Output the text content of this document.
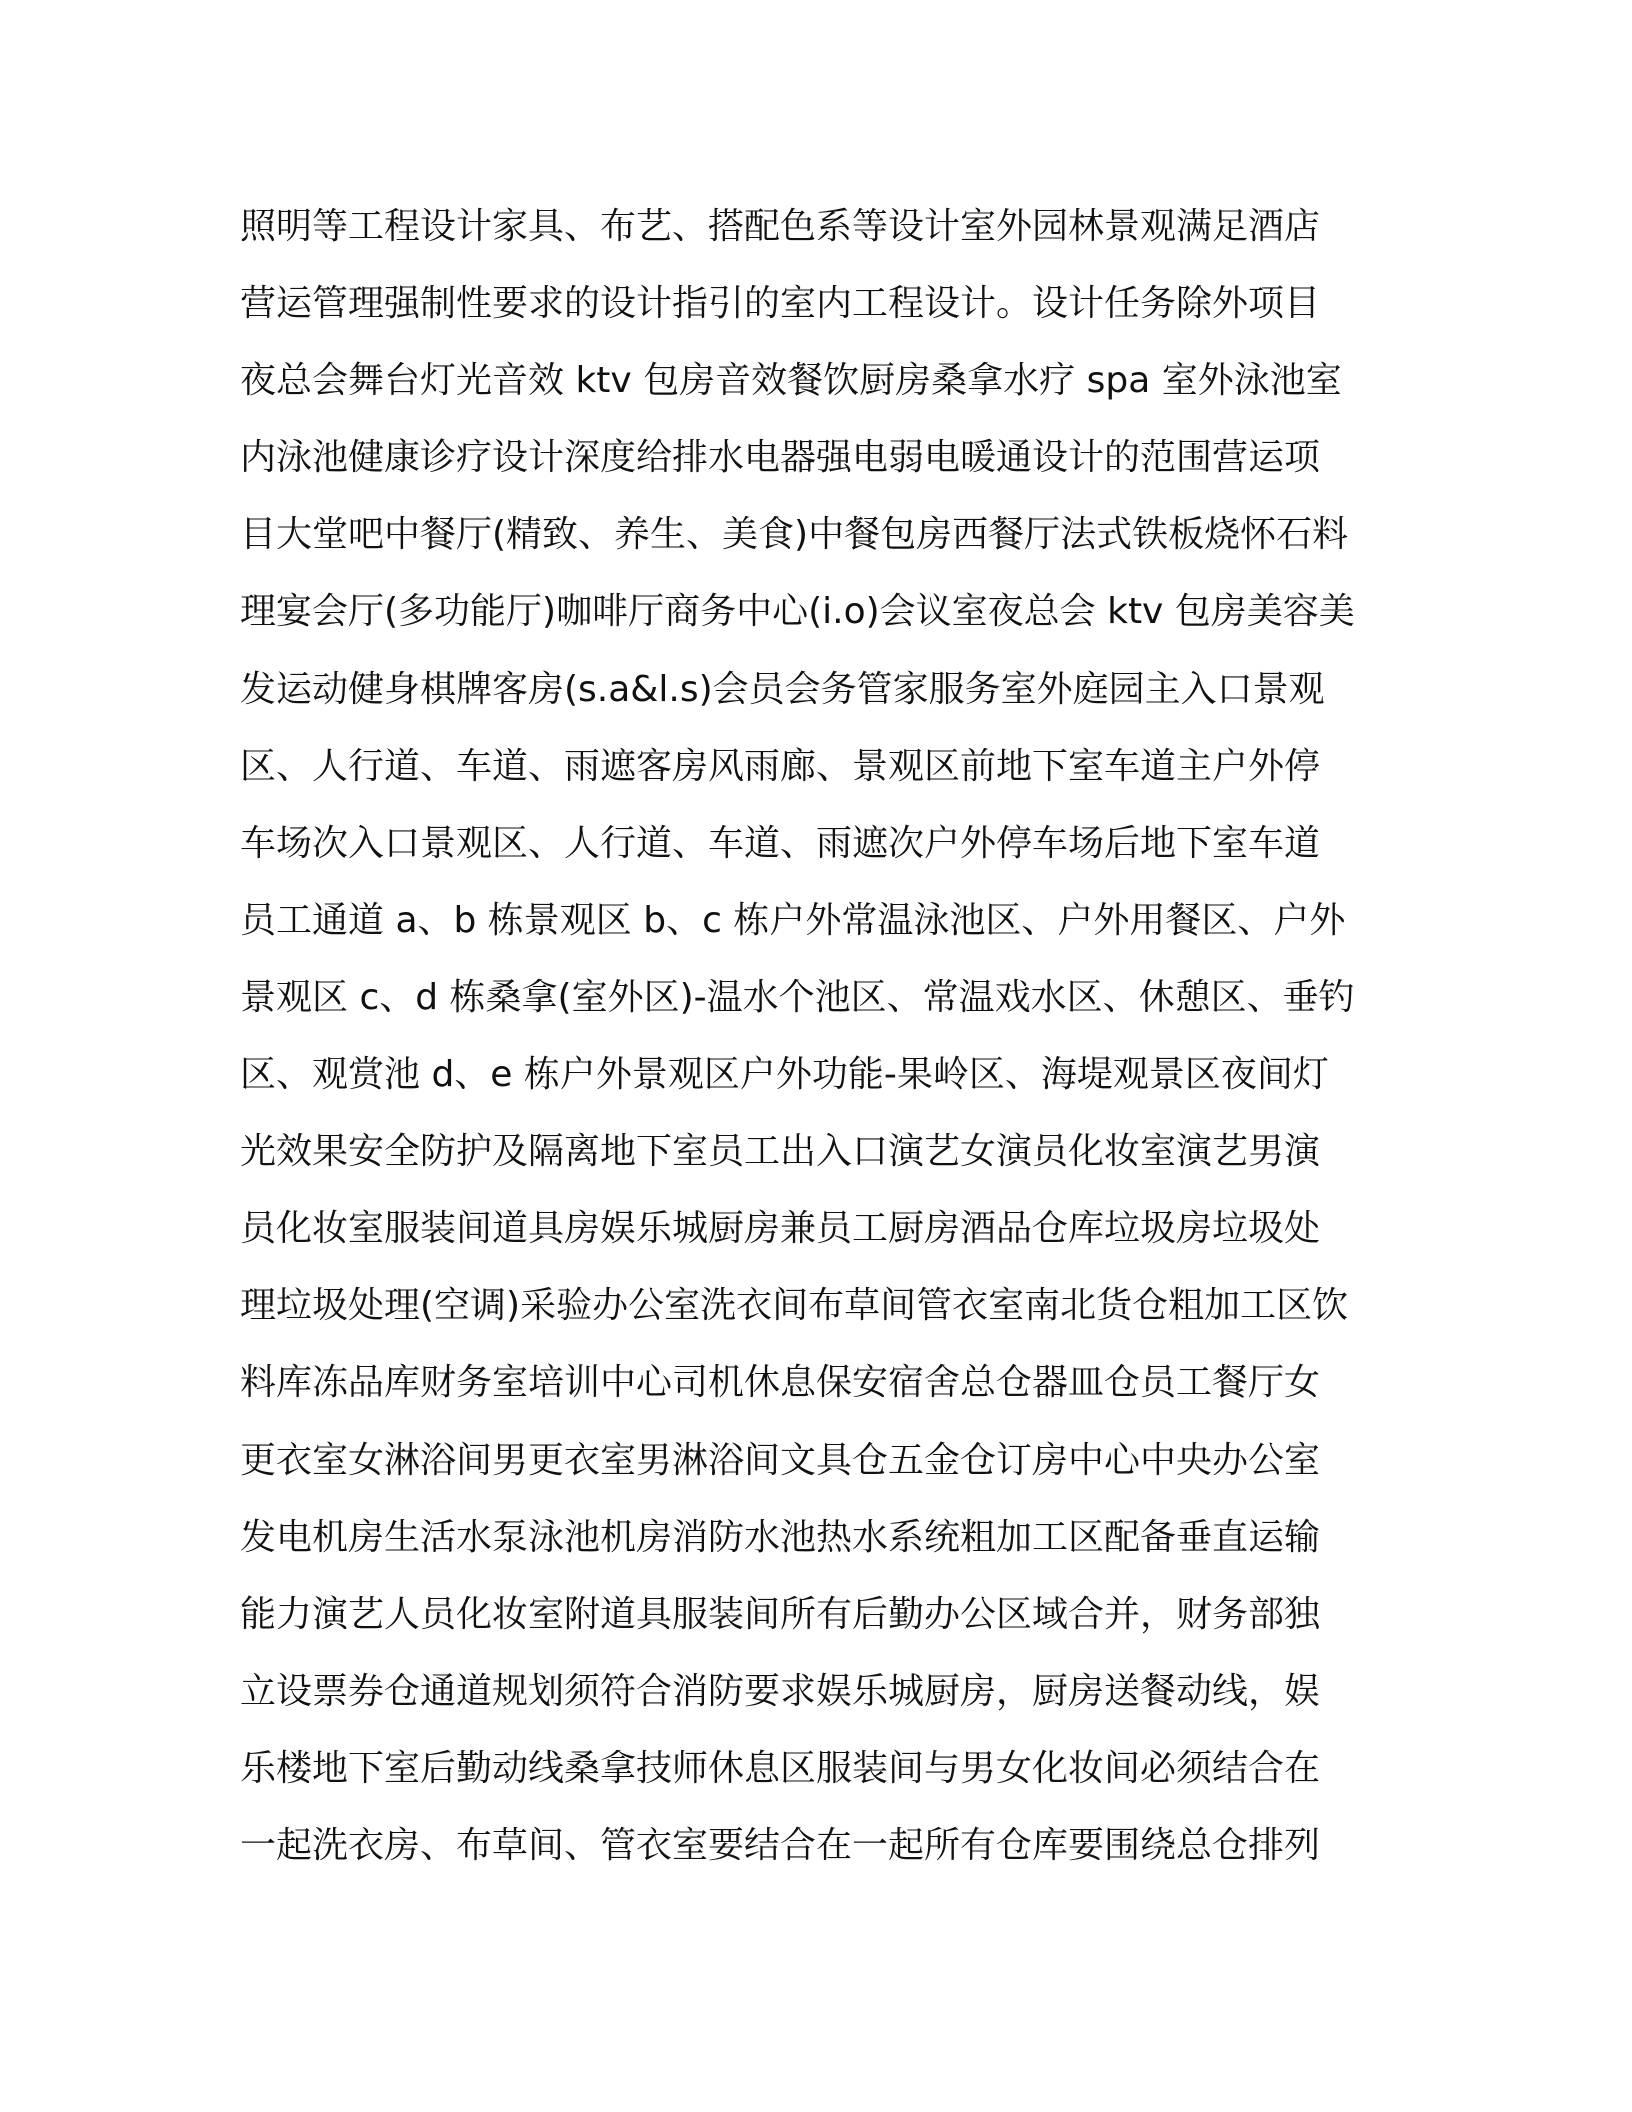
照明等工程设计家具、布艺、搭配色系等设计室外园林景观满足酒店
营运管理强制性要求的设计指引的室内工程设计。设计任务除外项目
夜总会舞台灯光音效 ktv 包房音效餐饮厨房桑拿水疗 spa 室外泳池室
内泳池健康诊疗设计深度给排水电器强电弱电暖通设计的范围营运项
目大堂吧中餐厅(精致、养生、美食)中餐包房西餐厅法式铁板烧怀石料
理宴会厅(多功能厅)咖啡厅商务中心(i.o)会议室夜总会 ktv 包房美容美
发运动健身棋牌客房(s.a&l.s)会员会务管家服务室外庭园主入口景观
区、人行道、车道、雨遮客房风雨廊、景观区前地下室车道主户外停
车场次入口景观区、人行道、车道、雨遮次户外停车场后地下室车道
员工通道 a、b 栋景观区 b、c 栋户外常温泳池区、户外用餐区、户外
景观区 c、d 栋桑拿(室外区)-温水个池区、常温戏水区、休憩区、垂钓
区、观赏池 d、e 栋户外景观区户外功能-果岭区、海堤观景区夜间灯
光效果安全防护及隔离地下室员工出入口演艺女演员化妆室演艺男演
员化妆室服装间道具房娱乐城厨房兼员工厨房酒品仓库垃圾房垃圾处
理垃圾处理(空调)采验办公室洗衣间布草间管衣室南北货仓粗加工区饮
料库冻品库财务室培训中心司机休息保安宿舍总仓器皿仓员工餐厅女
更衣室女淋浴间男更衣室男淋浴间文具仓五金仓订房中心中央办公室
发电机房生活水泵泳池机房消防水池热水系统粗加工区配备垂直运输
能力演艺人员化妆室附道具服装间所有后勤办公区域合并，财务部独
立设票券仓通道规划须符合消防要求娱乐城厨房，厨房送餐动线，娱
乐楼地下室后勤动线桑拿技师休息区服装间与男女化妆间必须结合在
一起洗衣房、布草间、管衣室要结合在一起所有仓库要围绕总仓排列
